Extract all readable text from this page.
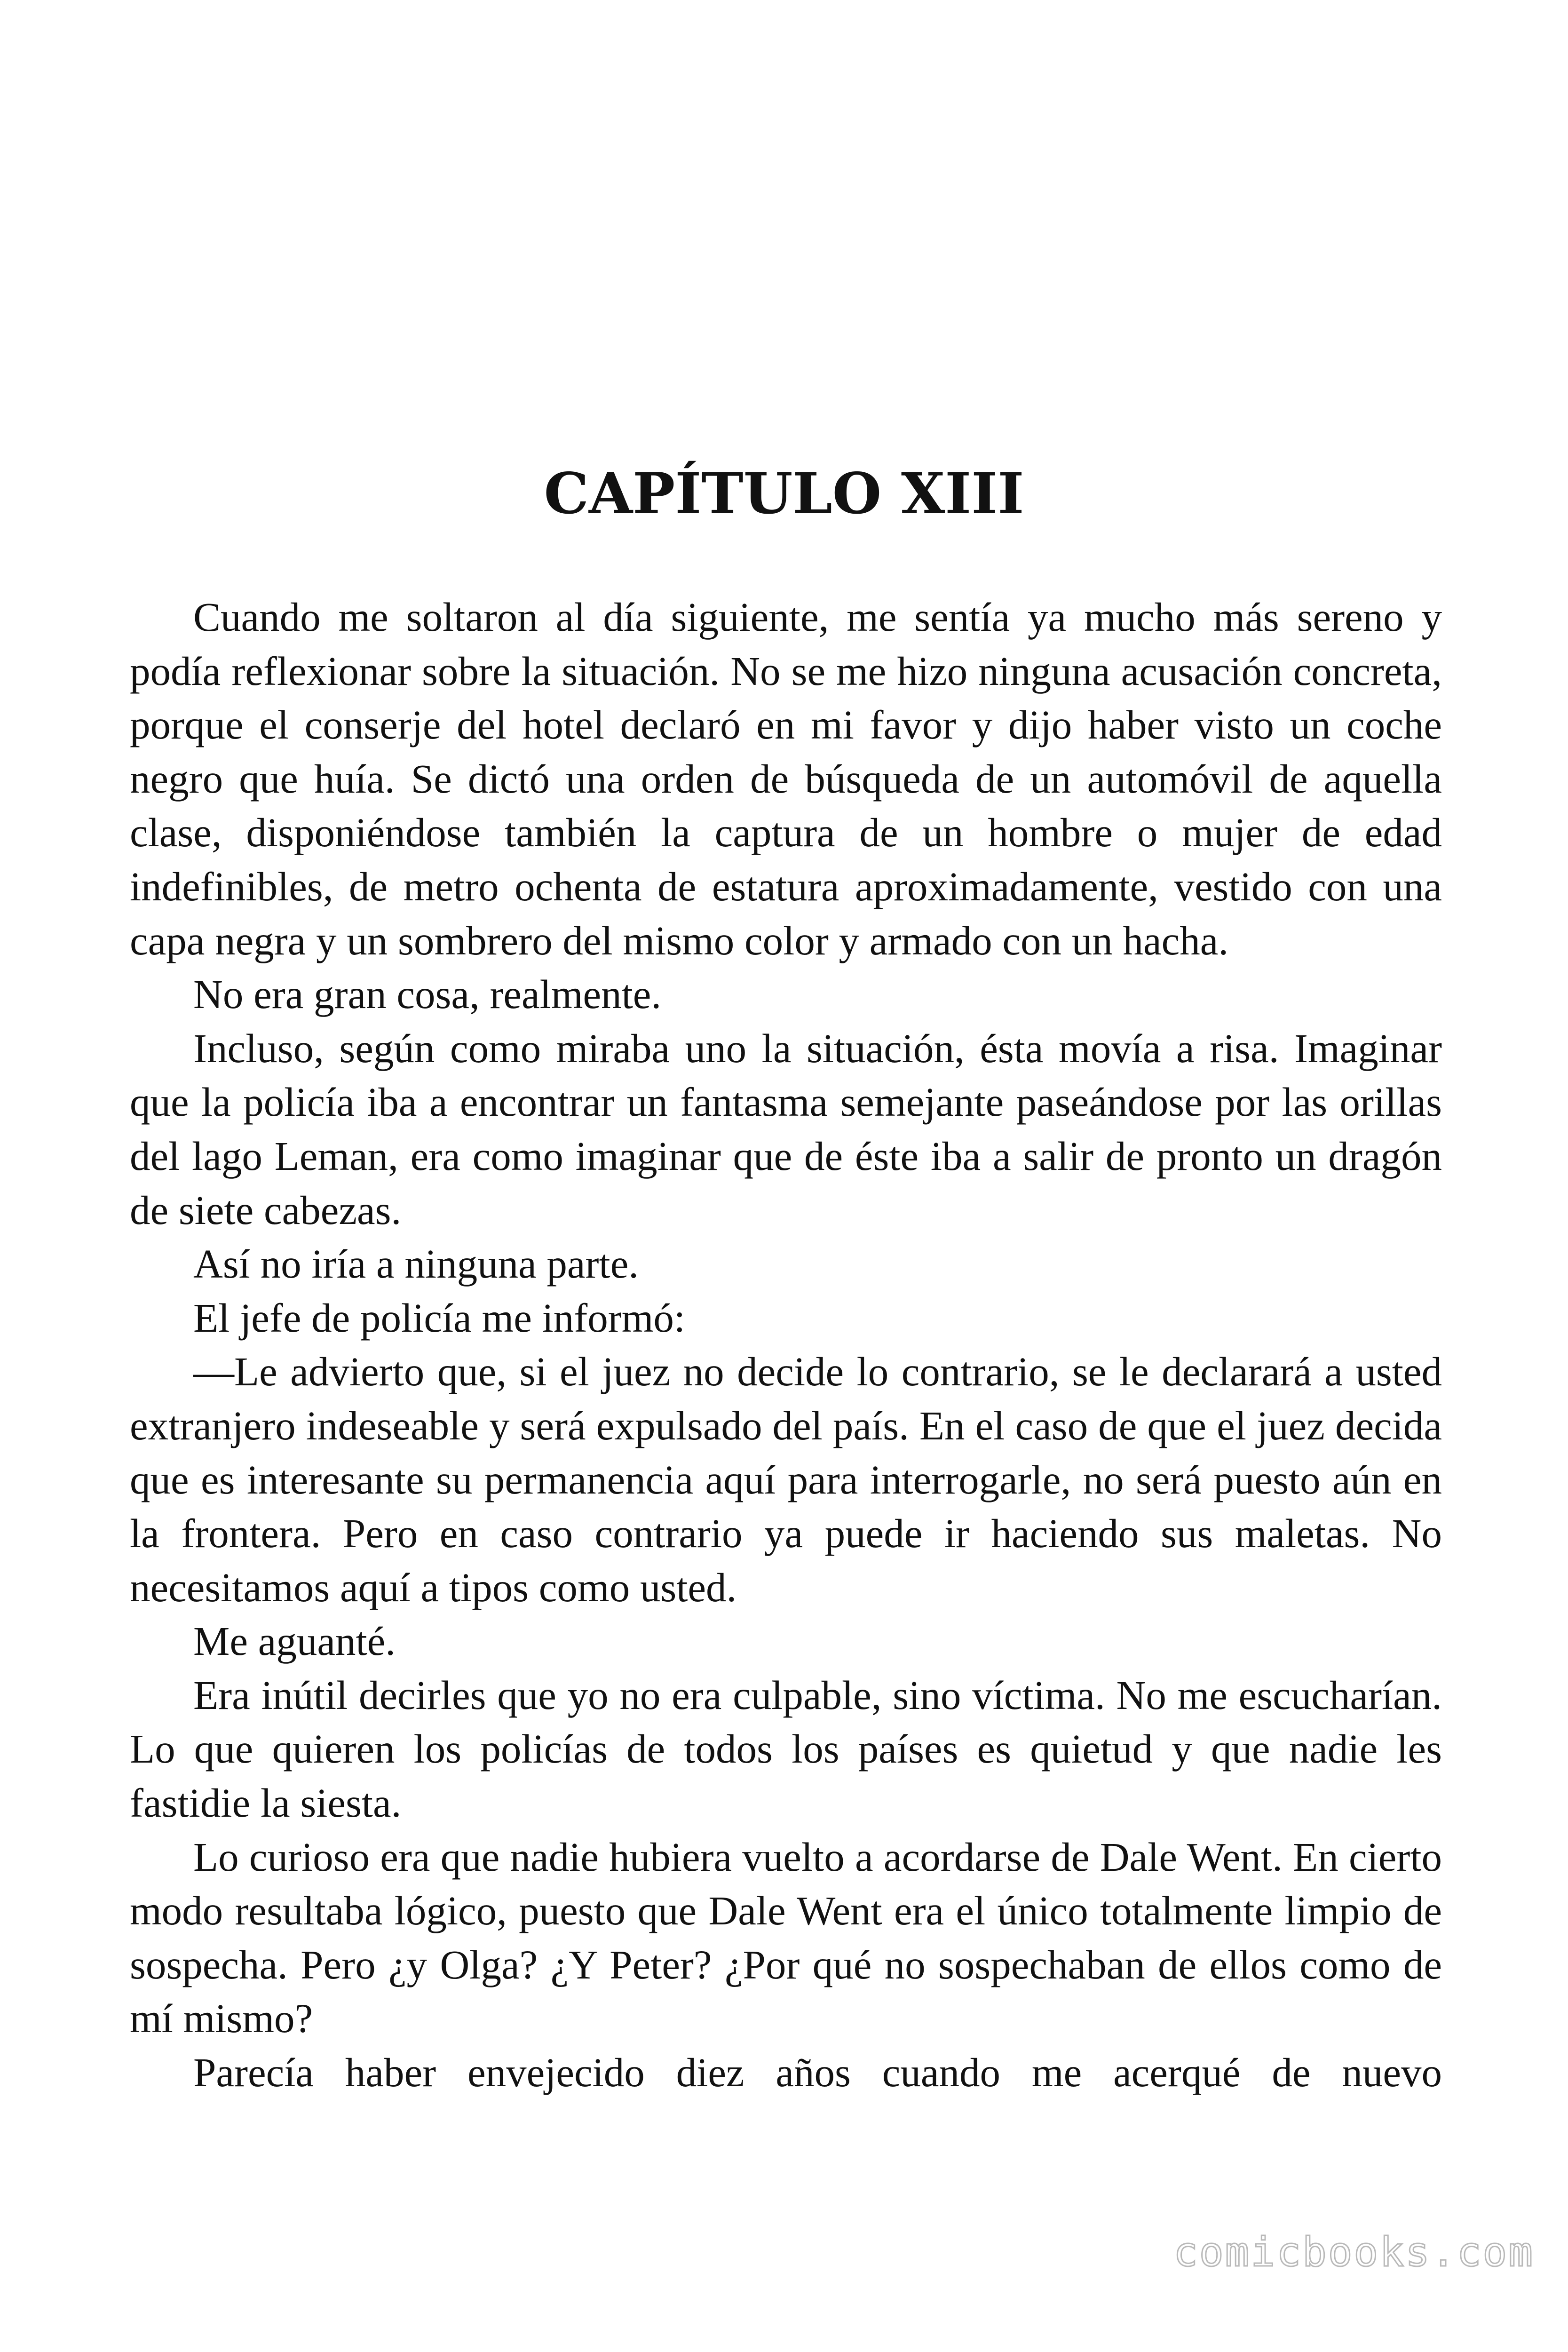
CAPÍTULO XIII

Cuando me soltaron al día siguiente, me sentía ya mucho más sereno y podía reflexionar sobre la situación. No se me hizo ninguna acusación concreta, porque el conserje del hotel declaró en mi favor y dijo haber visto un coche negro que huía. Se dictó una orden de búsqueda de un automóvil de aquella clase, disponiéndose también la captura de un hombre o mujer de edad indefinibles, de metro ochenta de estatura aproximadamente, vestido con una capa negra y un sombrero del mismo color y armado con un hacha.

No era gran cosa, realmente.

Incluso, según como miraba uno la situación, ésta movía a risa. Imaginar que la policía iba a encontrar un fantasma semejante paseándose por las orillas del lago Leman, era como imaginar que de éste iba a salir de pronto un dragón de siete cabezas.

Así no iría a ninguna parte.

El jefe de policía me informó:

—Le advierto que, si el juez no decide lo contrario, se le declarará a usted extranjero indeseable y será expulsado del país. En el caso de que el juez decida que es interesante su permanencia aquí para interrogarle, no será puesto aún en la frontera. Pero en caso contrario ya puede ir haciendo sus maletas. No necesitamos aquí a tipos como usted.

Me aguanté.

Era inútil decirles que yo no era culpable, sino víctima. No me escucharían. Lo que quieren los policías de todos los países es quietud y que nadie les fastidie la siesta.

Lo curioso era que nadie hubiera vuelto a acordarse de Dale Went. En cierto modo resultaba lógico, puesto que Dale Went era el único totalmente limpio de sospecha. Pero ¿y Olga? ¿Y Peter? ¿Por qué no sospechaban de ellos como de mí mismo?

Parecía haber envejecido diez años cuando me acerqué de nuevo

comicbooks.com
